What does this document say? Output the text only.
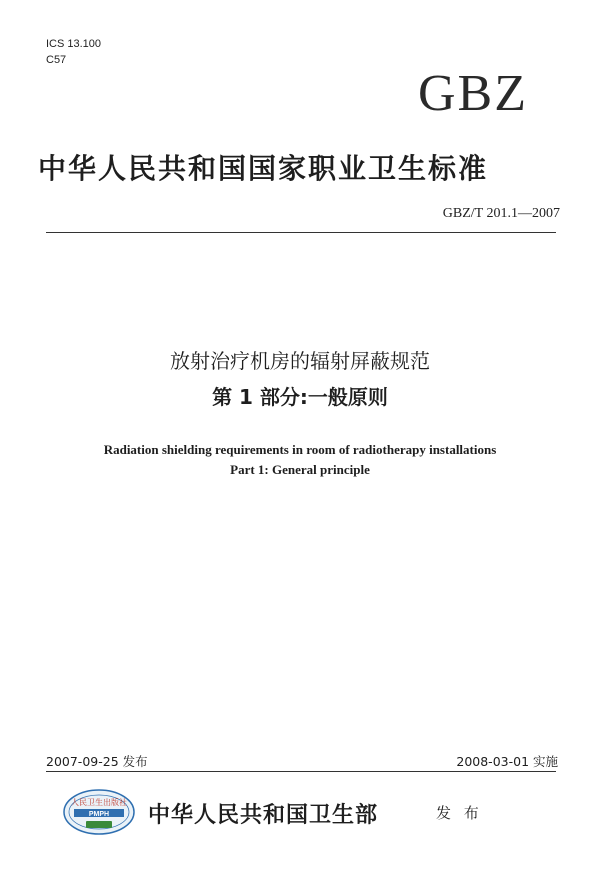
ICS 13.100
C57
GBZ
中华人民共和国国家职业卫生标准
GBZ/T 201.1—2007
放射治疗机房的辐射屏蔽规范
第 1 部分:一般原则
Radiation shielding requirements in room of radiotherapy installations
Part 1: General principle
2007-09-25 发布	2008-03-01 实施
人民卫生出版社
PMPH 中华人民共和国卫生部	发 布
